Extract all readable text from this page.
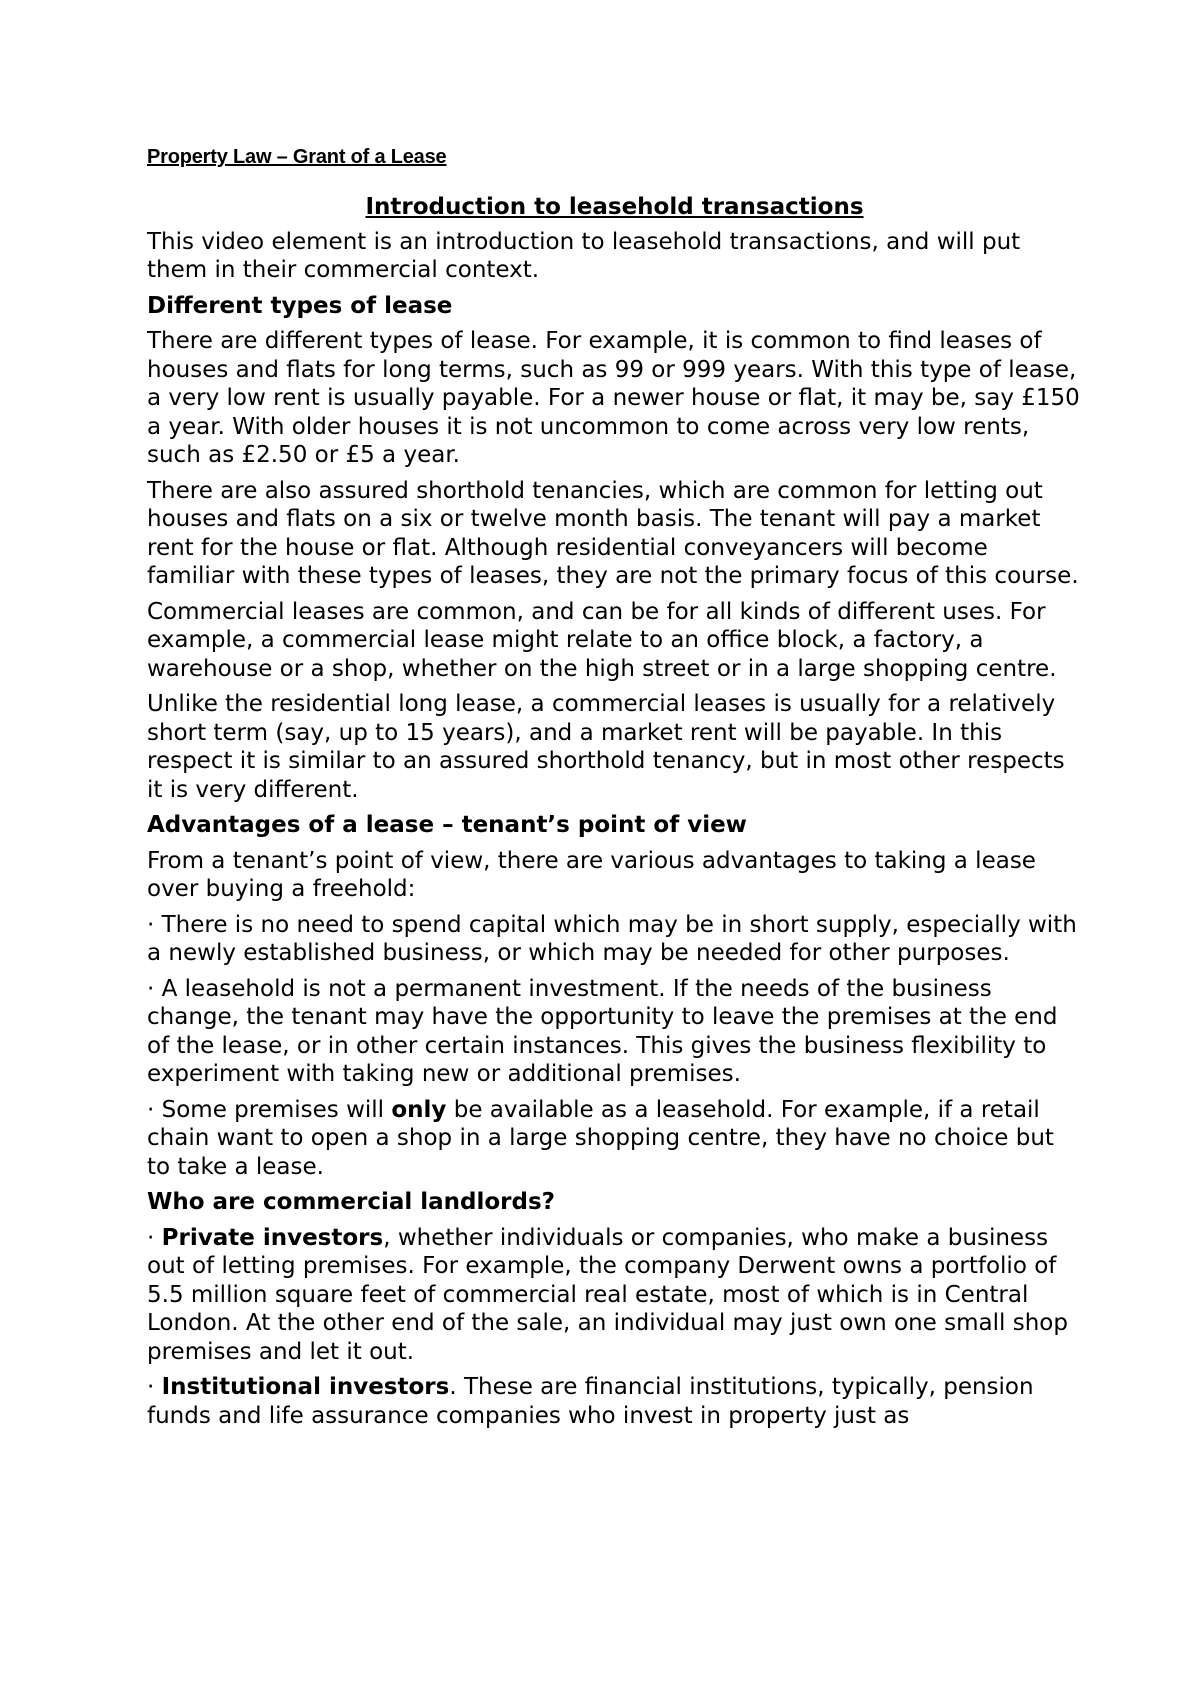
Property Law – Grant of a Lease
Introduction to leasehold transactions

This video element is an introduction to leasehold transactions, and will put them in their commercial context.

Different types of lease

There are different types of lease. For example, it is common to find leases of houses and flats for long terms, such as 99 or 999 years. With this type of lease, a very low rent is usually payable. For a newer house or flat, it may be, say £150 a year. With older houses it is not uncommon to come across very low rents, such as £2.50 or £5 a year.

There are also assured shorthold tenancies, which are common for letting out houses and flats on a six or twelve month basis. The tenant will pay a market rent for the house or flat. Although residential conveyancers will become familiar with these types of leases, they are not the primary focus of this course.

Commercial leases are common, and can be for all kinds of different uses. For example, a commercial lease might relate to an office block, a factory, a warehouse or a shop, whether on the high street or in a large shopping centre.

Unlike the residential long lease, a commercial leases is usually for a relatively short term (say, up to 15 years), and a market rent will be payable. In this respect it is similar to an assured shorthold tenancy, but in most other respects it is very different.

Advantages of a lease – tenant’s point of view

From a tenant’s point of view, there are various advantages to taking a lease over buying a freehold:

· There is no need to spend capital which may be in short supply, especially with a newly established business, or which may be needed for other purposes.

· A leasehold is not a permanent investment. If the needs of the business change, the tenant may have the opportunity to leave the premises at the end of the lease, or in other certain instances. This gives the business flexibility to experiment with taking new or additional premises.

· Some premises will only be available as a leasehold. For example, if a retail chain want to open a shop in a large shopping centre, they have no choice but to take a lease.

Who are commercial landlords?

· Private investors, whether individuals or companies, who make a business out of letting premises. For example, the company Derwent owns a portfolio of 5.5 million square feet of commercial real estate, most of which is in Central London. At the other end of the sale, an individual may just own one small shop premises and let it out.

· Institutional investors. These are financial institutions, typically, pension funds and life assurance companies who invest in property just as
